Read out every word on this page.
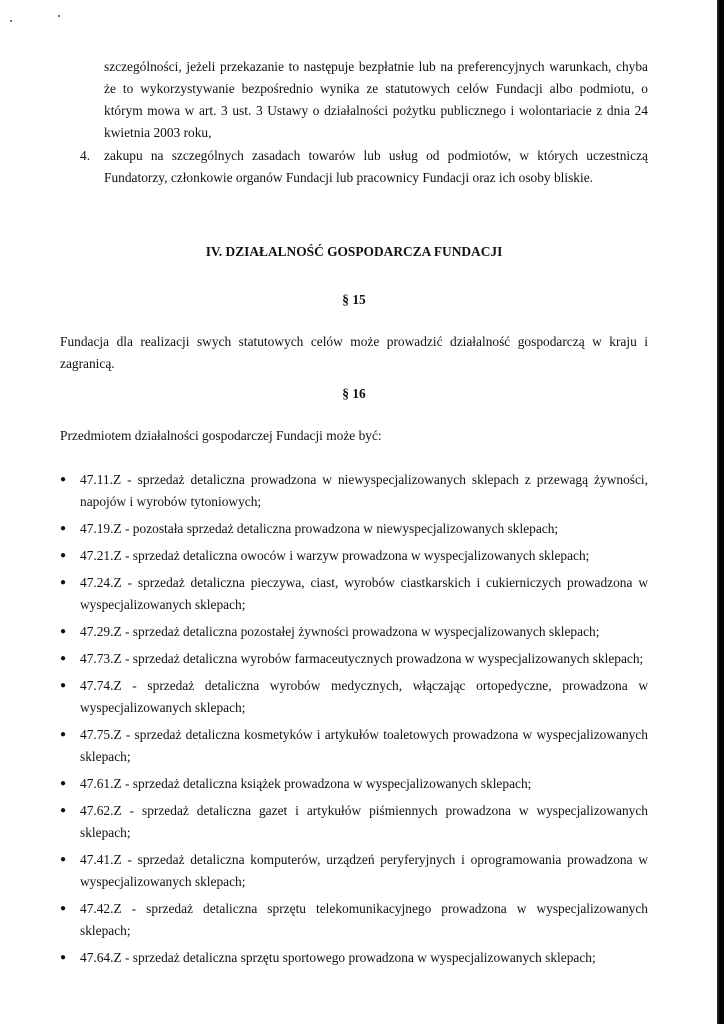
szczególności, jeżeli przekazanie to następuje bezpłatnie lub na preferencyjnych warunkach, chyba że to wykorzystywanie bezpośrednio wynika ze statutowych celów Fundacji albo podmiotu, o którym mowa w art. 3 ust. 3 Ustawy o działalności pożytku publicznego i wolontariacie z dnia 24 kwietnia 2003 roku,

4.	zakupu na szczególnych zasadach towarów lub usług od podmiotów, w których uczestniczą Fundatorzy, członkowie organów Fundacji lub pracownicy Fundacji oraz ich osoby bliskie.

IV. DZIAŁALNOŚĆ GOSPODARCZA FUNDACJI

§ 15

Fundacja dla realizacji swych statutowych celów może prowadzić działalność gospodarczą w kraju i zagranicą.

§ 16

Przedmiotem działalności gospodarczej Fundacji może być:

●	47.11.Z - sprzedaż detaliczna prowadzona w niewyspecjalizowanych sklepach z przewagą żywności, napojów i wyrobów tytoniowych;
●	47.19.Z - pozostała sprzedaż detaliczna prowadzona w niewyspecjalizowanych sklepach;
●	47.21.Z - sprzedaż detaliczna owoców i warzyw prowadzona w wyspecjalizowanych sklepach;
●	47.24.Z - sprzedaż detaliczna pieczywa, ciast, wyrobów ciastkarskich i cukierniczych prowadzona w wyspecjalizowanych sklepach;
●	47.29.Z - sprzedaż detaliczna pozostałej żywności prowadzona w wyspecjalizowanych sklepach;
●	47.73.Z - sprzedaż detaliczna wyrobów farmaceutycznych prowadzona w wyspecjalizowanych sklepach;
●	47.74.Z - sprzedaż detaliczna wyrobów medycznych, włączając ortopedyczne, prowadzona w wyspecjalizowanych sklepach;
●	47.75.Z - sprzedaż detaliczna kosmetyków i artykułów toaletowych prowadzona w wyspecjalizowanych sklepach;
●	47.61.Z - sprzedaż detaliczna książek prowadzona w wyspecjalizowanych sklepach;
●	47.62.Z - sprzedaż detaliczna gazet i artykułów piśmiennych prowadzona w wyspecjalizowanych sklepach;
●	47.41.Z - sprzedaż detaliczna komputerów, urządzeń peryferyjnych i oprogramowania prowadzona w wyspecjalizowanych sklepach;
●	47.42.Z - sprzedaż detaliczna sprzętu telekomunikacyjnego prowadzona w wyspecjalizowanych sklepach;
●	47.64.Z - sprzedaż detaliczna sprzętu sportowego prowadzona w wyspecjalizowanych sklepach;
